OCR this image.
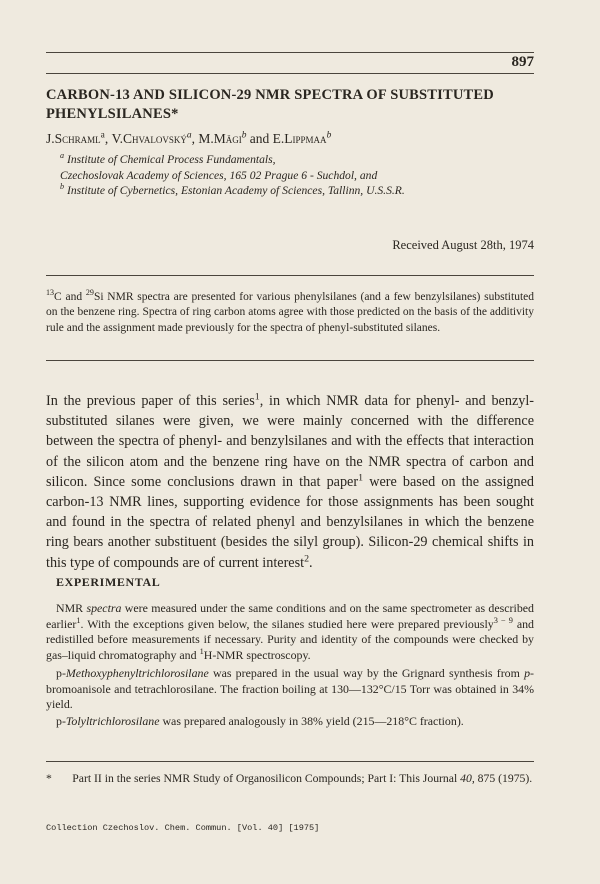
897
CARBON-13 AND SILICON-29 NMR SPECTRA OF SUBSTITUTED PHENYLSILANES*
J.Schraml$^a$, V.Chvalovský$^a$, M.Mägi$^b$ and E.Lippmaa$^b$
$^a$ Institute of Chemical Process Fundamentals,
Czechoslovak Academy of Sciences, 165 02 Prague 6 - Suchdol, and
$^b$ Institute of Cybernetics, Estonian Academy of Sciences, Tallinn, U.S.S.R.
Received August 28th, 1974
$^{13}$C and $^{29}$Si NMR spectra are presented for various phenylsilanes (and a few benzylsilanes) substituted on the benzene ring. Spectra of ring carbon atoms agree with those predicted on the basis of the additivity rule and the assignment made previously for the spectra of phenyl-substituted silanes.
In the previous paper of this series$^1$, in which NMR data for phenyl- and benzyl-substituted silanes were given, we were mainly concerned with the difference between the spectra of phenyl- and benzylsilanes and with the effects that interaction of the silicon atom and the benzene ring have on the NMR spectra of carbon and silicon. Since some conclusions drawn in that paper$^1$ were based on the assigned carbon-13 NMR lines, supporting evidence for those assignments has been sought and found in the spectra of related phenyl and benzylsilanes in which the benzene ring bears another substituent (besides the silyl group). Silicon-29 chemical shifts in this type of compounds are of current interest$^2$.
EXPERIMENTAL
NMR spectra were measured under the same conditions and on the same spectrometer as described earlier$^1$. With the exceptions given below, the silanes studied here were prepared previously$^{3 - 9}$ and redistilled before measurements if necessary. Purity and identity of the compounds were checked by gas–liquid chromatography and $^1$H-NMR spectroscopy.
p-Methoxyphenyltrichlorosilane was prepared in the usual way by the Grignard synthesis from p-bromoanisole and tetrachlorosilane. The fraction boiling at 130—132°C/15 Torr was obtained in 34% yield.
p-Tolyltrichlorosilane was prepared analogously in 38% yield (215—218°C fraction).
* Part II in the series NMR Study of Organosilicon Compounds; Part I: This Journal 40, 875 (1975).
Collection Czechoslov. Chem. Commun. [Vol. 40] [1975]
